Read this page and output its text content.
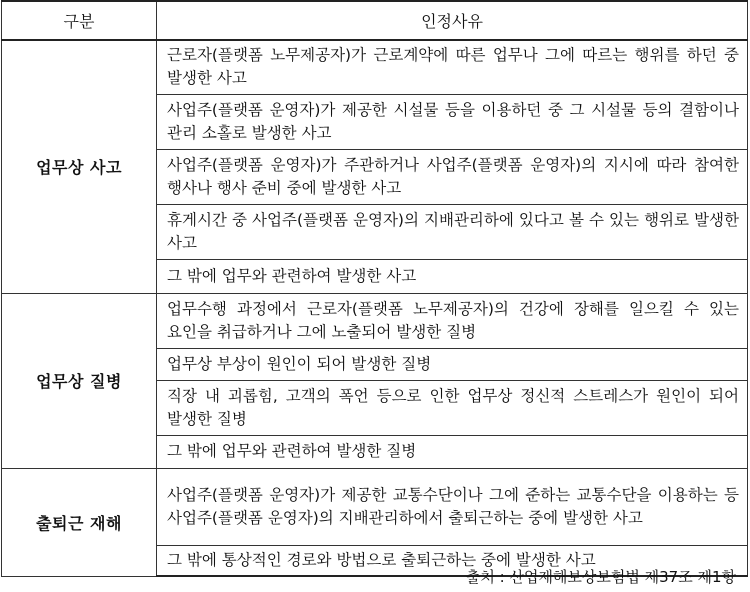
구분	인정사유
업무상 사고	근로자(플랫폼 노무제공자)가 근로계약에 따른 업무나 그에 따르는 행위를 하던 중 발생한 사고
	사업주(플랫폼 운영자)가 제공한 시설물 등을 이용하던 중 그 시설물 등의 결함이나 관리 소홀로 발생한 사고
	사업주(플랫폼 운영자)가 주관하거나 사업주(플랫폼 운영자)의 지시에 따라 참여한 행사나 행사 준비 중에 발생한 사고
	휴게시간 중 사업주(플랫폼 운영자)의 지배관리하에 있다고 볼 수 있는 행위로 발생한 사고
	그 밖에 업무와 관련하여 발생한 사고
업무상 질병	업무수행 과정에서 근로자(플랫폼 노무제공자)의 건강에 장해를 일으킬 수 있는 요인을 취급하거나 그에 노출되어 발생한 질병
	업무상 부상이 원인이 되어 발생한 질병
	직장 내 괴롭힘, 고객의 폭언 등으로 인한 업무상 정신적 스트레스가 원인이 되어 발생한 질병
	그 밖에 업무와 관련하여 발생한 질병
출퇴근 재해	사업주(플랫폼 운영자)가 제공한 교통수단이나 그에 준하는 교통수단을 이용하는 등 사업주(플랫폼 운영자)의 지배관리하에서 출퇴근하는 중에 발생한 사고
	그 밖에 통상적인 경로와 방법으로 출퇴근하는 중에 발생한 사고
출처 : 산업재해보상보험법 제37조 제1항
